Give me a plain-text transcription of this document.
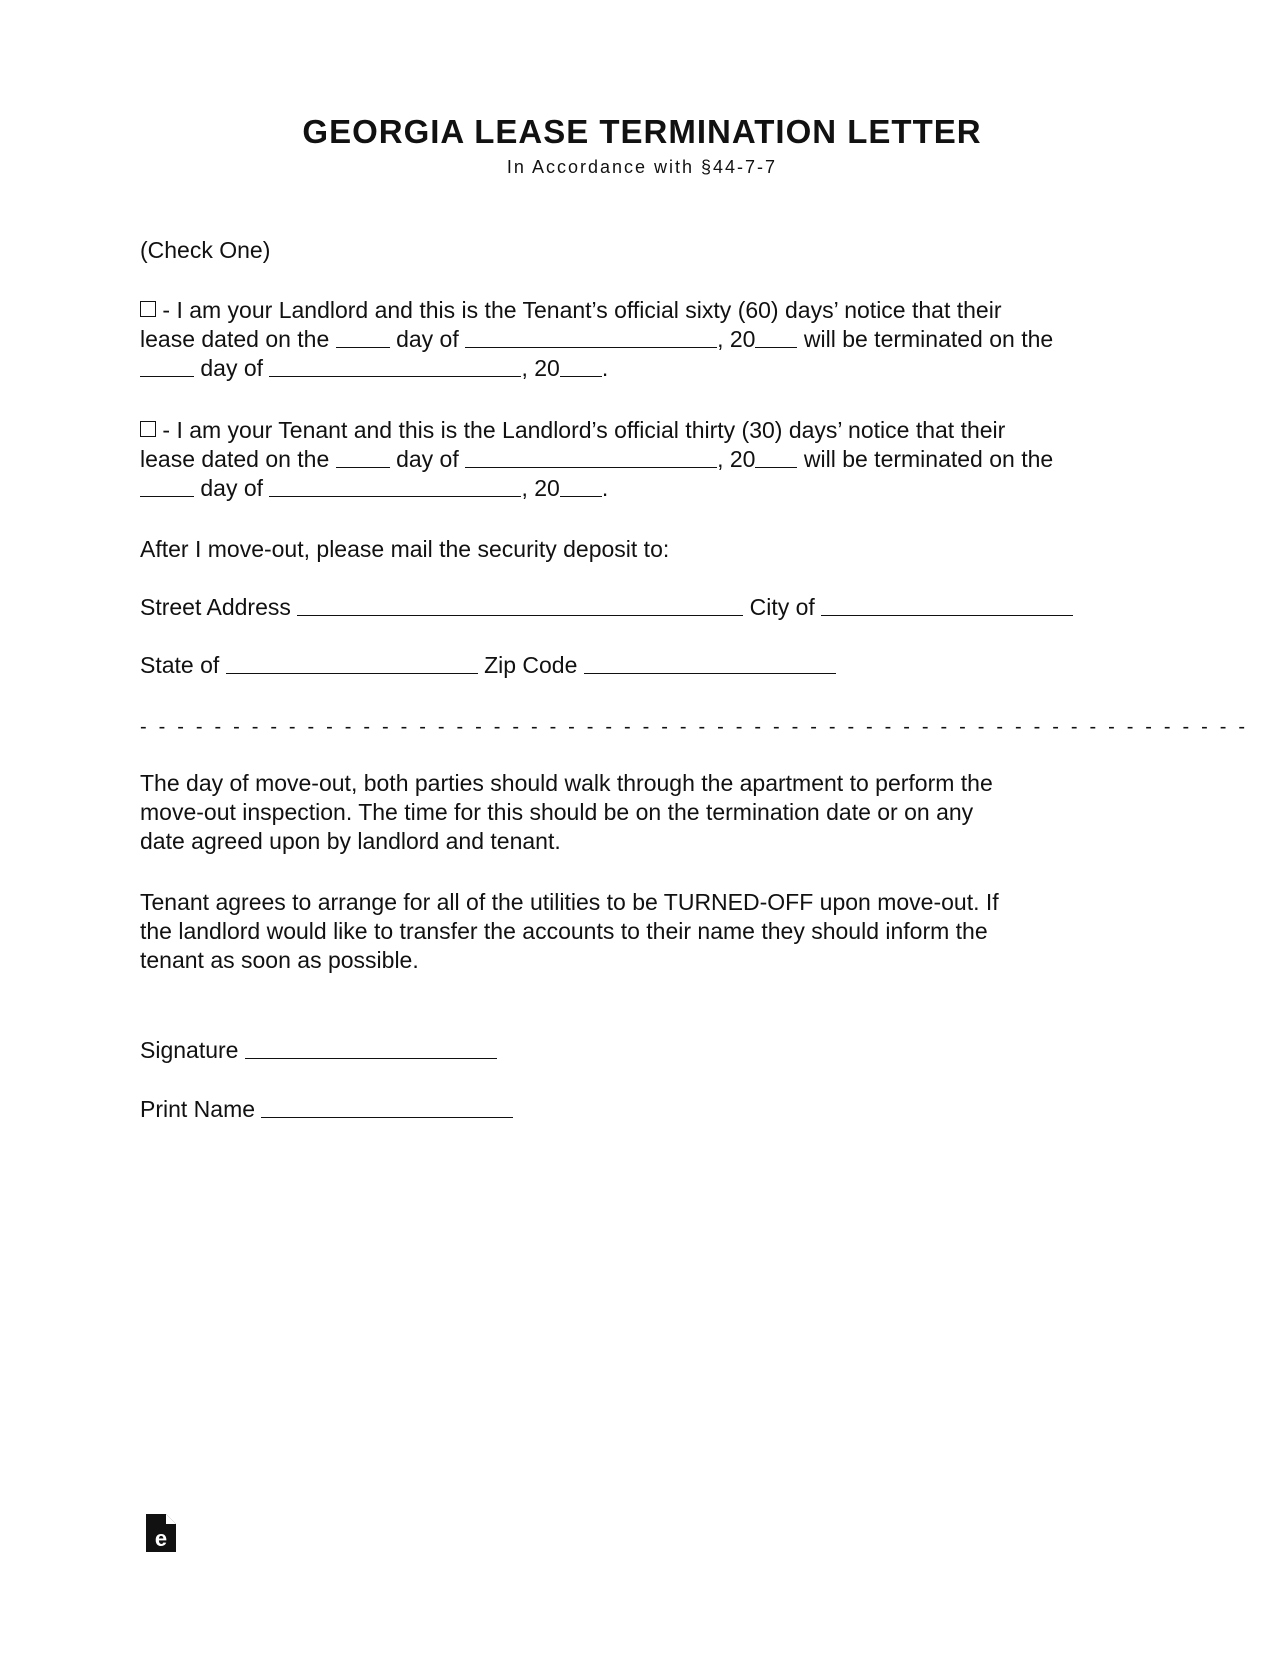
GEORGIA LEASE TERMINATION LETTER
In Accordance with §44-7-7
(Check One)
- I am your Landlord and this is the Tenant’s official sixty (60) days’ notice that their
lease dated on the	day of	, 20 will be terminated on the
day of	, 20 .
- I am your Tenant and this is the Landlord’s official thirty (30) days’ notice that their
lease dated on the	day of	, 20 will be terminated on the
day of	, 20 .
After I move-out, please mail the security deposit to:
Street Address	City of
State of	Zip Code
- - - - - - - - - - - - - - - - - - - - - - - - - - - - - - - - - - - - - - - - - - - - - - - - - - - - - - - - - - - -
The day of move-out, both parties should walk through the apartment to perform the
move-out inspection. The time for this should be on the termination date or on any
date agreed upon by landlord and tenant.
Tenant agrees to arrange for all of the utilities to be TURNED-OFF upon move-out. If
the landlord would like to transfer the accounts to their name they should inform the
tenant as soon as possible.
Signature
Print Name
e
